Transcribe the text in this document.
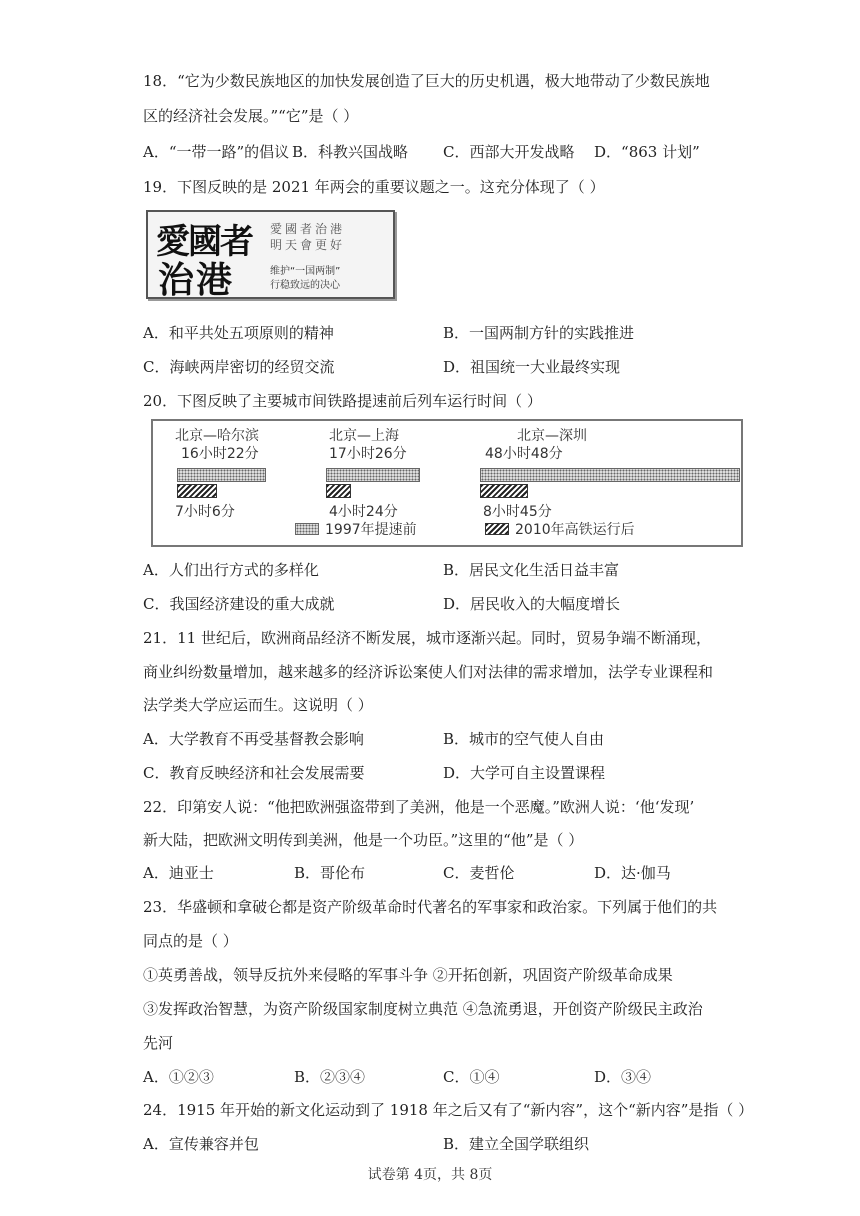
18．“它为少数民族地区的加快发展创造了巨大的历史机遇，极大地带动了少数民族地
区的经济社会发展。”“它”是（ ）
A．“一带一路”的倡议 B．科教兴国战略 C．西部大开发战略 D．“863 计划”
19．下图反映的是 2021 年两会的重要议题之一。这充分体现了（ ）
愛國者
治港
愛國者治港
明天會更好
维护“一国两制”
行稳致远的决心
A．和平共处五项原则的精神	B．一国两制方针的实践推进
C．海峡两岸密切的经贸交流	D．祖国统一大业最终实现
20．下图反映了主要城市间铁路提速前后列车运行时间（ ）
北京—哈尔滨	北京—上海	北京—深圳
16小时22分	17小时26分	48小时48分
7小时6分	4小时24分	8小时45分
1997年提速前	2010年高铁运行后
A．人们出行方式的多样化	B．居民文化生活日益丰富
C．我国经济建设的重大成就	D．居民收入的大幅度增长
21．11 世纪后，欧洲商品经济不断发展，城市逐渐兴起。同时，贸易争端不断涌现，
商业纠纷数量增加，越来越多的经济诉讼案使人们对法律的需求增加，法学专业课程和
法学类大学应运而生。这说明（ ）
A．大学教育不再受基督教会影响	B．城市的空气使人自由
C．教育反映经济和社会发展需要	D．大学可自主设置课程
22．印第安人说：“他把欧洲强盗带到了美洲，他是一个恶魔。”欧洲人说：‘他‘发现’
新大陆，把欧洲文明传到美洲，他是一个功臣。”这里的“他”是（ ）
A．迪亚士	B．哥伦布	C．麦哲伦	D．达·伽马
23．华盛顿和拿破仑都是资产阶级革命时代著名的军事家和政治家。下列属于他们的共
同点的是（ ）
①英勇善战，领导反抗外来侵略的军事斗争 ②开拓创新，巩固资产阶级革命成果
③发挥政治智慧，为资产阶级国家制度树立典范 ④急流勇退，开创资产阶级民主政治
先河
A．①②③	B．②③④	C．①④	D．③④
24．1915 年开始的新文化运动到了 1918 年之后又有了“新内容”，这个“新内容”是指（ ）
A．宣传兼容并包	B．建立全国学联组织
试卷第 4页，共 8页
